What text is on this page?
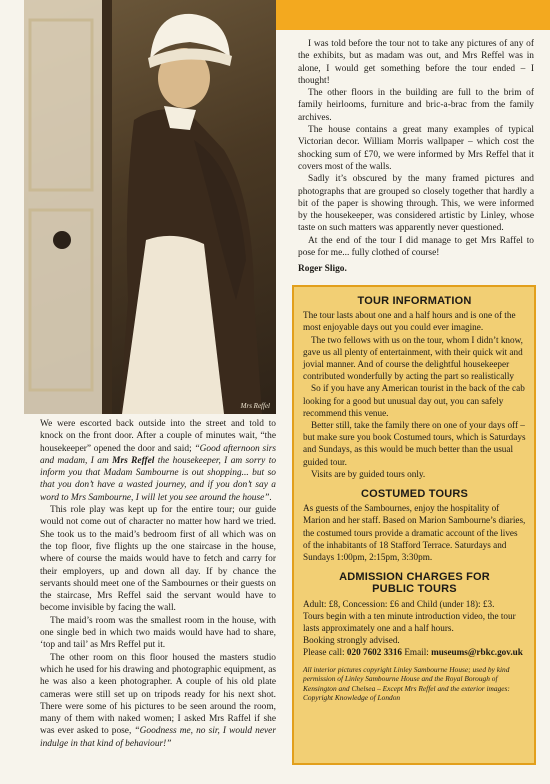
Mrs Reffel

We were escorted back outside into the street and told to knock on the front door. After a couple of minutes wait, “the housekeeper” opened the door and said; “Good afternoon sirs and madam, I am Mrs Reffel the housekeeper, I am sorry to inform you that Madam Sambourne is out shopping... but so that you don’t have a wasted journey, and if you don’t say a word to Mrs Sambourne, I will let you see around the house”.

This role play was kept up for the entire tour; our guide would not come out of character no matter how hard we tried. She took us to the maid’s bedroom first of all which was on the top floor, five flights up the one staircase in the house, where of course the maids would have to fetch and carry for their employers, up and down all day. If by chance the servants should meet one of the Sambournes or their guests on the staircase, Mrs Reffel said the servant would have to become invisible by facing the wall.

The maid’s room was the smallest room in the house, with one single bed in which two maids would have had to share, ‘top and tail’ as Mrs Reffel put it.

The other room on this floor housed the masters studio which he used for his drawing and photographic equipment, as he was also a keen photographer. A couple of his old plate cameras were still set up on tripods ready for his next shot. There were some of his pictures to be seen around the room, many of them with naked women; I asked Mrs Raffel if she was ever asked to pose, “Goodness me, no sir, I would never indulge in that kind of behaviour!”

I was told before the tour not to take any pictures of any of the exhibits, but as madam was out, and Mrs Reffel was in alone, I would get something before the tour ended – I thought!

The other floors in the building are full to the brim of family heirlooms, furniture and bric-a-brac from the family archives.

The house contains a great many examples of typical Victorian decor. William Morris wallpaper – which cost the shocking sum of £70, we were informed by Mrs Reffel that it covers most of the walls.

Sadly it’s obscured by the many framed pictures and photographs that are grouped so closely together that hardly a bit of the paper is showing through. This, we were informed by the housekeeper, was considered artistic by Linley, whose taste on such matters was apparently never questioned.

At the end of the tour I did manage to get Mrs Raffel to pose for me... fully clothed of course!

Roger Sligo.

TOUR INFORMATION

The tour lasts about one and a half hours and is one of the most enjoyable days out you could ever imagine.

The two fellows with us on the tour, whom I didn’t know, gave us all plenty of entertainment, with their quick wit and jovial manner. And of course the delightful housekeeper contributed wonderfully by acting the part so realistically

So if you have any American tourist in the back of the cab looking for a good but unusual day out, you can safely recommend this venue.

Better still, take the family there on one of your days off – but make sure you book Costumed tours, which is Saturdays and Sundays, as this would be much better than the usual guided tour.

Visits are by guided tours only.

COSTUMED TOURS

As guests of the Sambournes, enjoy the hospitality of Marion and her staff. Based on Marion Sambourne’s diaries, the costumed tours provide a dramatic account of the lives of the inhabitants of 18 Stafford Terrace. Saturdays and Sundays 1:00pm, 2:15pm, 3:30pm.

ADMISSION CHARGES FOR PUBLIC TOURS

Adult: £8, Concession: £6 and Child (under 18): £3.

Tours begin with a ten minute introduction video, the tour lasts approximately one and a half hours.

Booking strongly advised.

Please call: 020 7602 3316 Email: museums@rbkc.gov.uk

All interior pictures copyright Linley Sambourne House; used by kind permission of Linley Sambourne House and the Royal Borough of Kensington and Chelsea – Except Mrs Reffel and the exterior images: Copyright Knowledge of London
